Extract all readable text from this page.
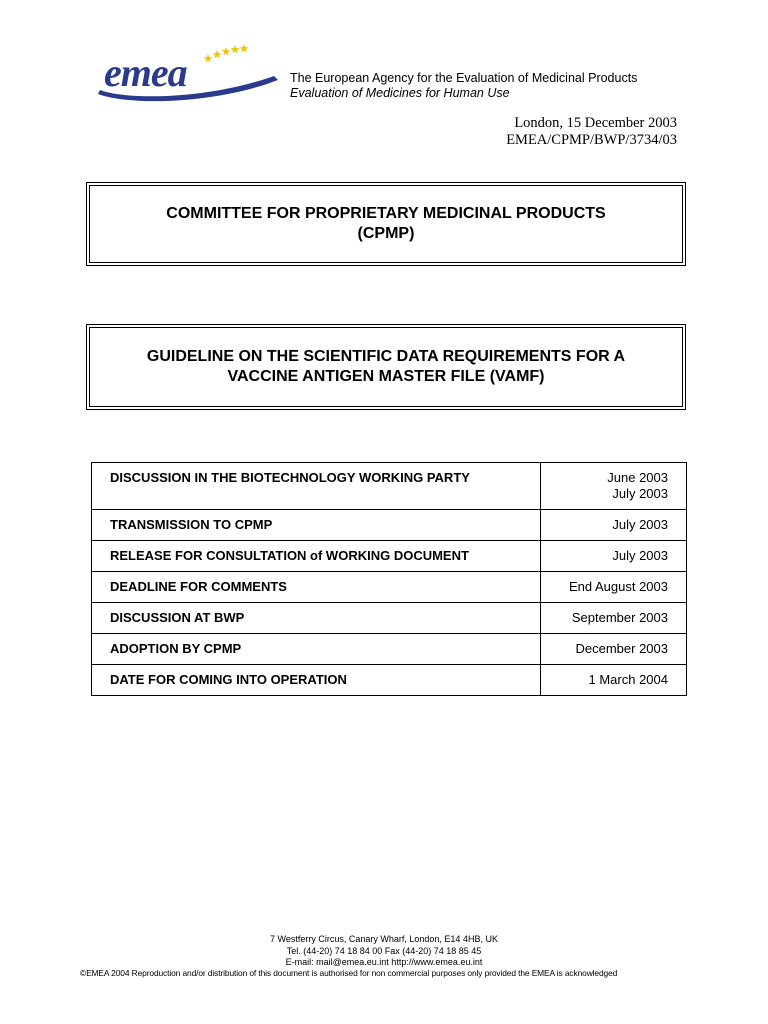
emea	The European Agency for the Evaluation of Medicinal Products
Evaluation of Medicines for Human Use
London, 15 December 2003
EMEA/CPMP/BWP/3734/03
COMMITTEE FOR PROPRIETARY MEDICINAL PRODUCTS
(CPMP)
GUIDELINE ON THE SCIENTIFIC DATA REQUIREMENTS FOR A
VACCINE ANTIGEN MASTER FILE (VAMF)
DISCUSSION IN THE BIOTECHNOLOGY WORKING PARTY	June 2003
July 2003

TRANSMISSION TO CPMP	July 2003
RELEASE FOR CONSULTATION of WORKING DOCUMENT	July 2003
DEADLINE FOR COMMENTS	End August 2003
DISCUSSION AT BWP	September 2003
ADOPTION BY CPMP	December 2003
DATE FOR COMING INTO OPERATION	1 March 2004
7 Westferry Circus, Canary Wharf, London, E14 4HB, UK
Tel. (44-20) 74 18 84 00 Fax (44-20) 74 18 85 45
E-mail: mail@emea.eu.int http://www.emea.eu.int
©EMEA 2004 Reproduction and/or distribution of this document is authorised for non commercial purposes only provided the EMEA is acknowledged
